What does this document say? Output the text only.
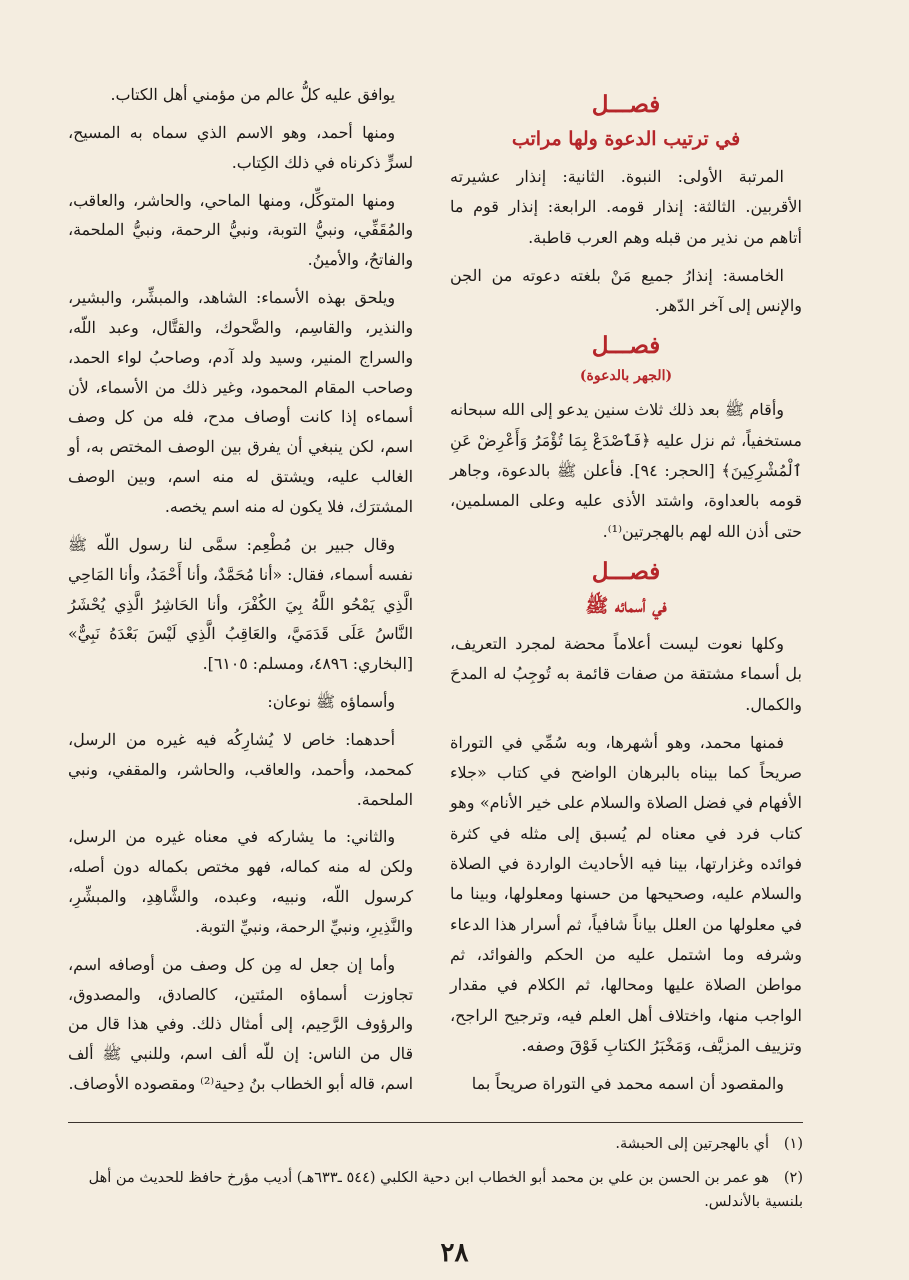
فصـــل
في ترتيب الدعوة ولها مراتب

المرتبة الأولى: النبوة. الثانية: إنذار عشيرته الأقربين. الثالثة: إنذار قومه. الرابعة: إنذار قوم ما أتاهم من نذير من قبله وهم العرب قاطبة.

الخامسة: إنذارُ جميع مَنْ بلغته دعوته من الجن والإنس إلى آخر الدّهر.

فصـــل
(الجهر بالدعوة)

وأقام ﷺ بعد ذلك ثلاث سنين يدعو إلى الله سبحانه مستخفياً، ثم نزل عليه ﴿فَٱصْدَعْ بِمَا تُؤْمَرُ وَأَعْرِضْ عَنِ ٱلْمُشْرِكِينَ﴾ [الحجر: ٩٤]. فأعلن ﷺ بالدعوة، وجاهر قومه بالعداوة، واشتد الأذى عليه وعلى المسلمين، حتى أذن الله لهم بالهجرتين⁽¹⁾.

فصـــل
في أسمائه ﷺ

وكلها نعوت ليست أعلاماً محضة لمجرد التعريف، بل أسماء مشتقة من صفات قائمة به تُوجِبُ له المدحَ والكمال.

فمنها محمد، وهو أشهرها، وبه سُمِّي في التوراة صريحاً كما بيناه بالبرهان الواضح في كتاب «جلاء الأفهام في فضل الصلاة والسلام على خير الأنام» وهو كتاب فرد في معناه لم يُسبق إلى مثله في كثرة فوائده وغزارتها، بينا فيه الأحاديث الواردة في الصلاة والسلام عليه، وصحيحها من حسنها ومعلولها، وبينا ما في معلولها من العلل بياناً شافياً، ثم أسرار هذا الدعاء وشرفه وما اشتمل عليه من الحكم والفوائد، ثم مواطن الصلاة عليها ومحالها، ثم الكلام في مقدار الواجب منها، واختلاف أهل العلم فيه، وترجيح الراجح، وتزييف المزيَّف، وَمَخْبَرُ الكتابِ فَوْقَ وصفه.

والمقصود أن اسمه محمد في التوراة صريحاً بما

يوافق عليه كلُّ عالم من مؤمني أهل الكتاب.

ومنها أحمد، وهو الاسم الذي سماه به المسيح، لسرٍّ ذكرناه في ذلك الكِتاب.

ومنها المتوكِّل، ومنها الماحي، والحاشر، والعاقب، والمُقَفِّي، ونبيُّ التوبة، ونبيُّ الرحمة، ونبيُّ الملحمة، والفاتحُ، والأمينُ.

ويلحق بهذه الأسماء: الشاهد، والمبشِّر، والبشير، والنذير، والقاسِم، والضَّحوك، والقتَّال، وعبد اللّه، والسراج المنير، وسيد ولد آدم، وصاحبُ لواء الحمد، وصاحب المقام المحمود، وغير ذلك من الأسماء، لأن أسماءه إذا كانت أوصاف مدح، فله من كل وصف اسم، لكن ينبغي أن يفرق بين الوصف المختص به، أو الغالب عليه، ويشتق له منه اسم، وبين الوصف المشترَك، فلا يكون له منه اسم يخصه.

وقال جبير بن مُطْعِم: سمَّى لنا رسول اللّه ﷺ نفسه أسماء، فقال: «أنا مُحَمَّدٌ، وأنا أَحْمَدُ، وأنا المَاحِي الَّذِي يَمْحُو اللَّهُ بِيَ الكُفْرَ، وأنا الحَاشِرُ الَّذِي يُحْشَرُ النَّاسُ عَلَى قَدَمَيَّ، والعَاقِبُ الَّذِي لَيْسَ بَعْدَهُ نَبِيٌّ» [البخاري: ٤٨٩٦، ومسلم: ٦١٠٥].

وأسماؤه ﷺ نوعان:

أحدهما: خاص لا يُشارِكُه فيه غيره من الرسل، كمحمد، وأحمد، والعاقب، والحاشر، والمقفي، ونبي الملحمة.

والثاني: ما يشاركه في معناه غيره من الرسل، ولكن له منه كماله، فهو مختص بكماله دون أصله، كرسول اللّه، ونبيه، وعبده، والشَّاهِدِ، والمبشِّرِ، والنَّذِيرِ، ونبيِّ الرحمة، ونبيِّ التوبة.

وأما إن جعل له مِن كل وصف من أوصافه اسم، تجاوزت أسماؤه المئتين، كالصادق، والمصدوق، والرؤوف الرَّحِيم، إلى أمثال ذلك. وفي هذا قال من قال من الناس: إن للّه ألف اسم، وللنبي ﷺ ألف اسم، قاله أبو الخطاب بنُ دِحية⁽²⁾ ومقصوده الأوصاف.

(١)أي بالهجرتين إلى الحبشة.
(٢)هو عمر بن الحسن بن علي بن محمد أبو الخطاب ابن دحية الكلبي (٥٤٤ ـ٦٣٣هـ) أديب مؤرخ حافظ للحديث من أهل بلنسية بالأندلس.
٢٨
